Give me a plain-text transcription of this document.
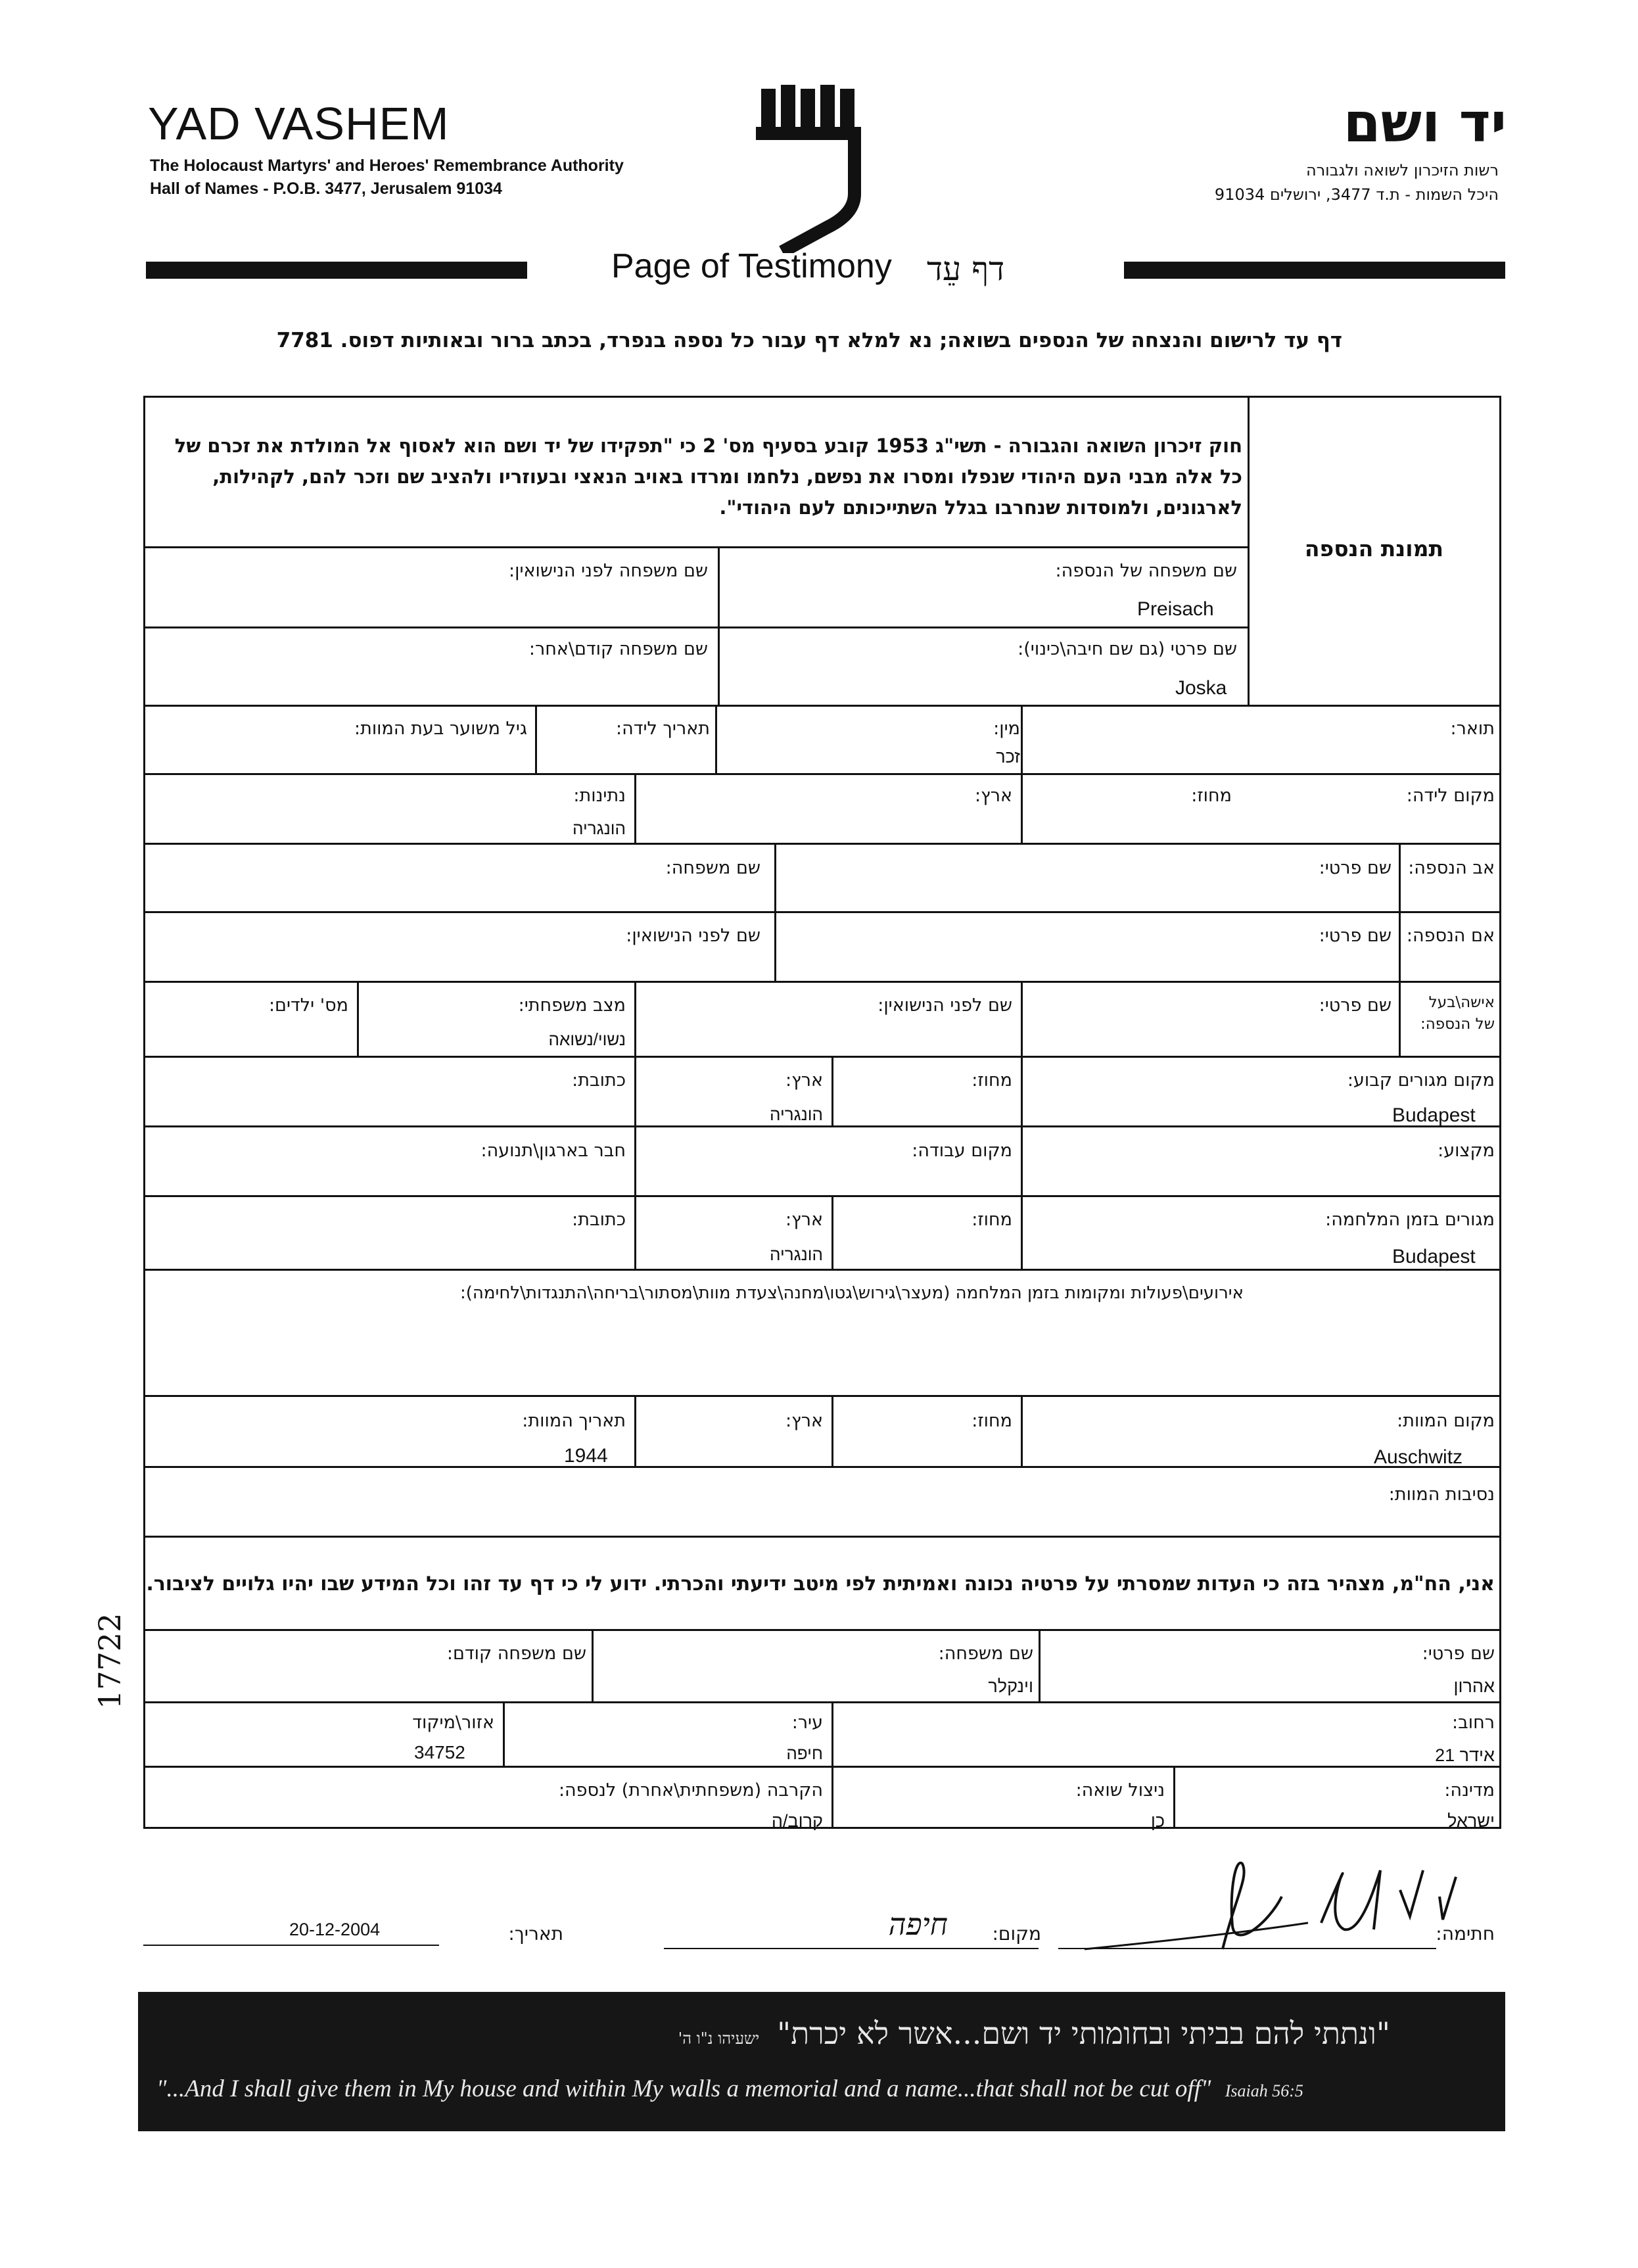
YAD VASHEM
The Holocaust Martyrs' and Heroes' Remembrance Authority
Hall of Names - P.O.B. 3477, Jerusalem 91034
יד ושם
רשות הזיכרון לשואה ולגבורה
היכל השמות - ת.ד 3477, ירושלים 91034
Page of Testimony דף עֵד
דף עד לרישום והנצחה של הנספים בשואה; נא למלא דף עבור כל נספה בנפרד, בכתב ברור ובאותיות דפוס. 7781
חוק זיכרון השואה והגבורה - תשי"ג 1953 קובע בסעיף מס' 2 כי "תפקידו של יד ושם הוא לאסוף אל המולדת את זכרם של
כל אלה מבני העם היהודי שנפלו ומסרו את נפשם, נלחמו ומרדו באויב הנאצי ובעוזריו ולהציב שם וזכר להם, לקהילות,
לארגונים, ולמוסדות שנחרבו בגלל השתייכותם לעם היהודי".
תמונת הנספה
שם משפחה של הנספה:
Preisach
שם משפחה לפני הנישואין:
שם פרטי (גם שם חיבה\כינוי):
Joska
שם משפחה קודם\אחר:
תואר:
מין:
זכר
תאריך לידה:
גיל משוער בעת המוות:
מקום לידה:
מחוז:
ארץ:
נתינות:
הונגריה
אב הנספה:
שם פרטי:
שם משפחה:
אם הנספה:
שם פרטי:
שם לפני הנישואין:
אישה\בעל
של הנספה:
שם פרטי:
שם לפני הנישואין:
מצב משפחתי:
נשוי/נשואה
מס' ילדים:
מקום מגורים קבוע:
Budapest
מחוז:
ארץ:
הונגריה
כתובת:
מקצוע:
מקום עבודה:
חבר בארגון\תנועה:
מגורים בזמן המלחמה:
Budapest
מחוז:
ארץ:
הונגריה
כתובת:
אירועים\פעולות ומקומות בזמן המלחמה (מעצר\גירוש\גטו\מחנה\צעדת מוות\מסתור\בריחה\התנגדות\לחימה):
מקום המוות:
Auschwitz
מחוז:
ארץ:
תאריך המוות:
1944
נסיבות המוות:
אני, הח"מ, מצהיר בזה כי העדות שמסרתי על פרטיה נכונה ואמיתית לפי מיטב ידיעתי והכרתי. ידוע לי כי דף עד זהו וכל המידע שבו יהיו גלויים לציבור.
שם פרטי:
אהרון
שם משפחה:
וינקלר
שם משפחה קודם:
רחוב:
אידר 21
עיר:
חיפה
אזור\מיקוד
34752
מדינה:
ישראל
ניצול שואה:
כן
הקרבה (משפחתית\אחרת) לנספה:
קרוב/ה
17722
חתימה:
מקום:
חיפה
תאריך:
20-12-2004
"ונתתי להם בביתי ובחומותי יד ושם...אשר לא יכרת" ישעיהו נ"ו ה'
"...And I shall give them in My house and within My walls a memorial and a name...that shall not be cut off" Isaiah 56:5
